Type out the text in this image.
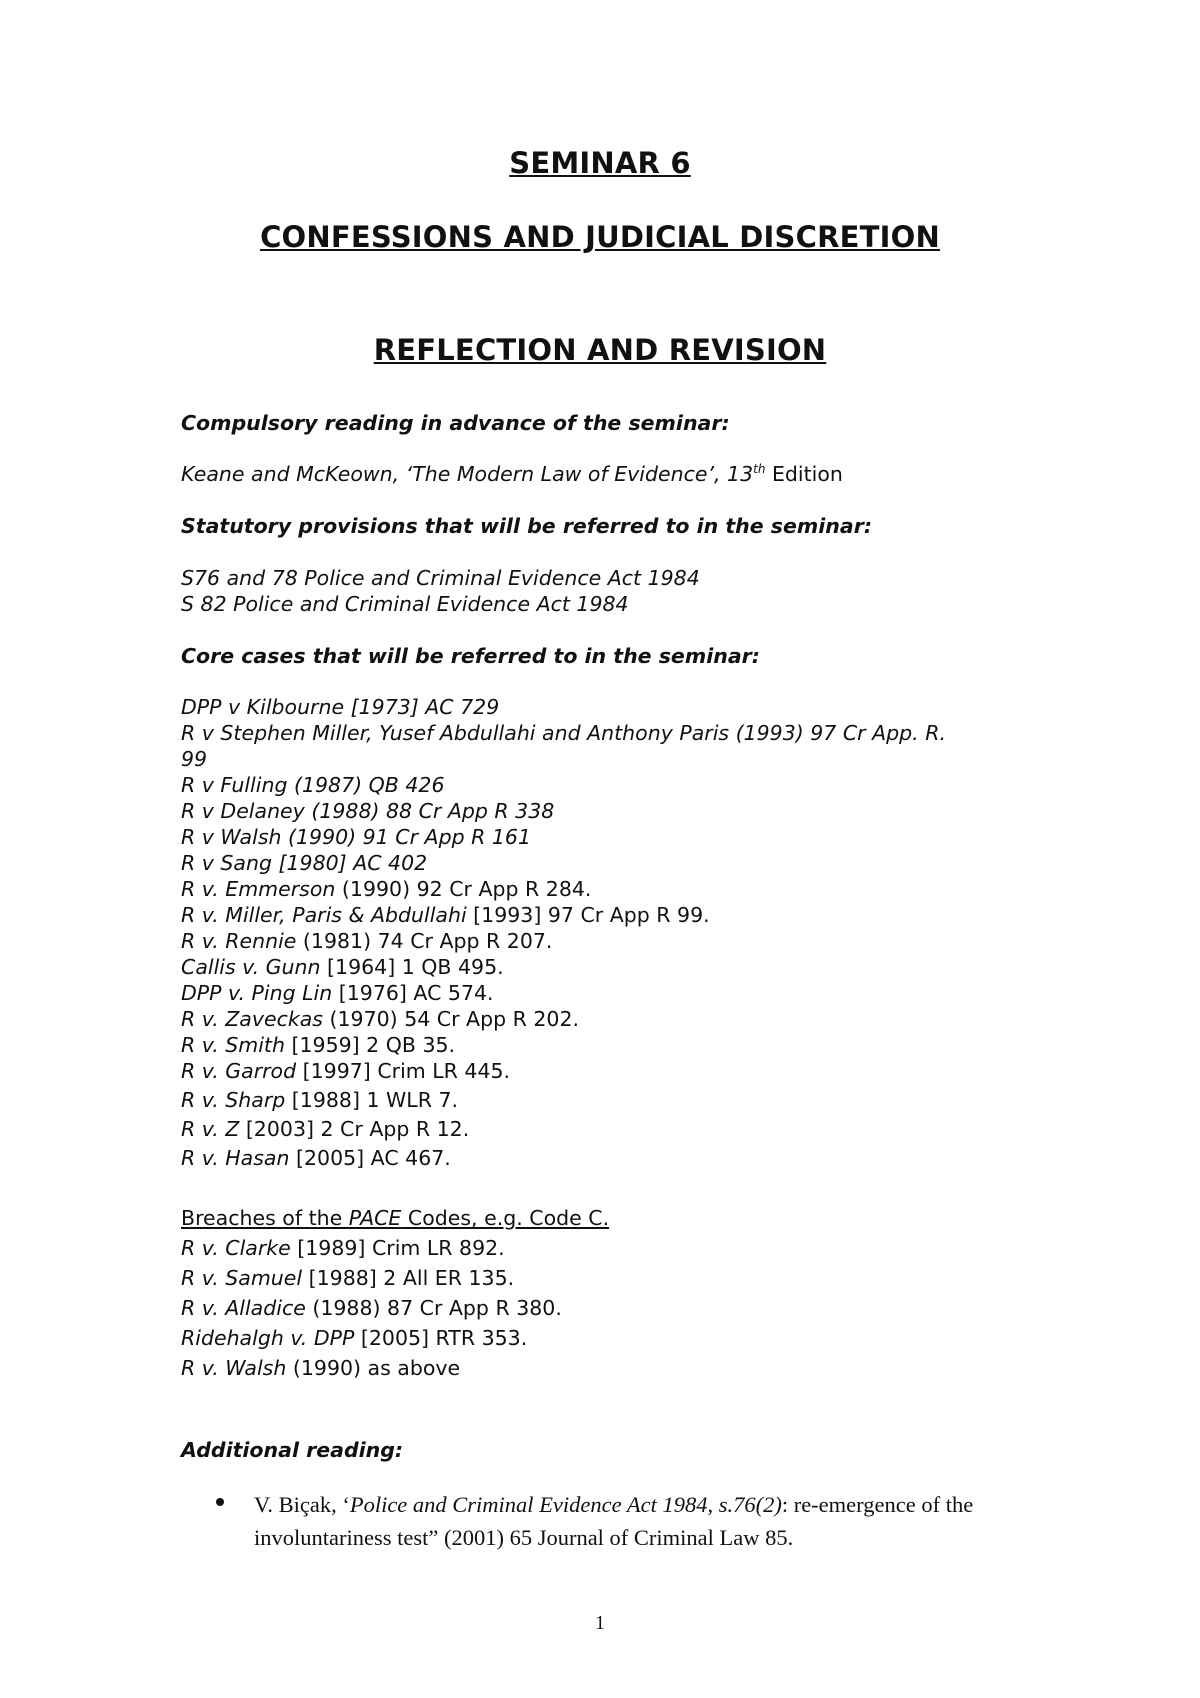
SEMINAR 6
CONFESSIONS AND JUDICIAL DISCRETION
REFLECTION AND REVISION

Compulsory reading in advance of the seminar:

Keane and McKeown, ‘The Modern Law of Evidence’, 13th Edition

Statutory provisions that will be referred to in the seminar:

S76 and 78 Police and Criminal Evidence Act 1984

S 82 Police and Criminal Evidence Act 1984

Core cases that will be referred to in the seminar:

DPP v Kilbourne [1973] AC 729

R v Stephen Miller, Yusef Abdullahi and Anthony Paris (1993) 97 Cr App. R.

99

R v Fulling (1987) QB 426

R v Delaney (1988) 88 Cr App R 338

R v Walsh (1990) 91 Cr App R 161

R v Sang [1980] AC 402

R v. Emmerson (1990) 92 Cr App R 284.

R v. Miller, Paris & Abdullahi [1993] 97 Cr App R 99.

R v. Rennie (1981) 74 Cr App R 207.

Callis v. Gunn [1964] 1 QB 495.

DPP v. Ping Lin [1976] AC 574.

R v. Zaveckas (1970) 54 Cr App R 202.

R v. Smith [1959] 2 QB 35.

R v. Garrod [1997] Crim LR 445.

R v. Sharp [1988] 1 WLR 7.

R v. Z [2003] 2 Cr App R 12.

R v. Hasan [2005] AC 467.

Breaches of the PACE Codes, e.g. Code C.

R v. Clarke [1989] Crim LR 892.

R v. Samuel [1988] 2 All ER 135.

R v. Alladice (1988) 87 Cr App R 380.

Ridehalgh v. DPP [2005] RTR 353.

R v. Walsh (1990) as above

Additional reading:

V. Biçak, ‘Police and Criminal Evidence Act 1984, s.76(2): re-emergence of the involuntariness test” (2001) 65 Journal of Criminal Law 85.
1
